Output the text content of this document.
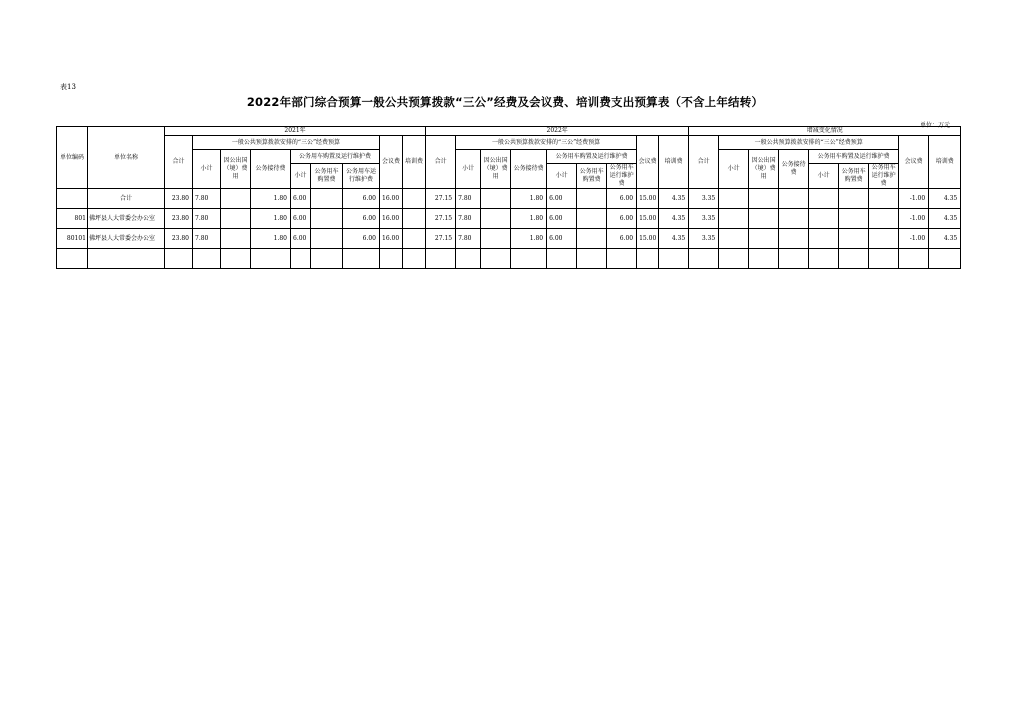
表13
2022年部门综合预算一般公共预算拨款“三公”经费及会议费、培训费支出预算表（不含上年结转）
单位：万元
单位编码	单位名称	2021年									2022年									增减变化情况								
		合计	一般公共预算拨款安排的“三公”经费预算						会议费	培训费	合计	一般公共预算拨款安排的“三公”经费预算						会议费	培训费	合计	一般公共预算拨款安排的“三公”经费预算						会议费	培训费
			小计	因公出国（境）费用	公务接待费	公务用车购置及运行维护费						小计	因公出国（境）费用	公务接待费	公务用车购置及运行维护费						小计	因公出国（境）费用	公务接待费	公务用车购置及运行维护费				
						小计	公务用车购置费	公务用车运行维护费							小计	公务用车购置费	公务用车运行维护费							小计	公务用车购置费	公务用车运行维护费		
	合计	23.80	7.80		1.80	6.00		6.00	16.00		27.15	7.80		1.80	6.00		6.00	15.00	4.35	3.35							-1.00	4.35
801	佛坪县人大常委会办公室	23.80	7.80		1.80	6.00		6.00	16.00		27.15	7.80		1.80	6.00		6.00	15.00	4.35	3.35							-1.00	4.35
80101	佛坪县人大常委会办公室	23.80	7.80		1.80	6.00		6.00	16.00		27.15	7.80		1.80	6.00		6.00	15.00	4.35	3.35							-1.00	4.35
